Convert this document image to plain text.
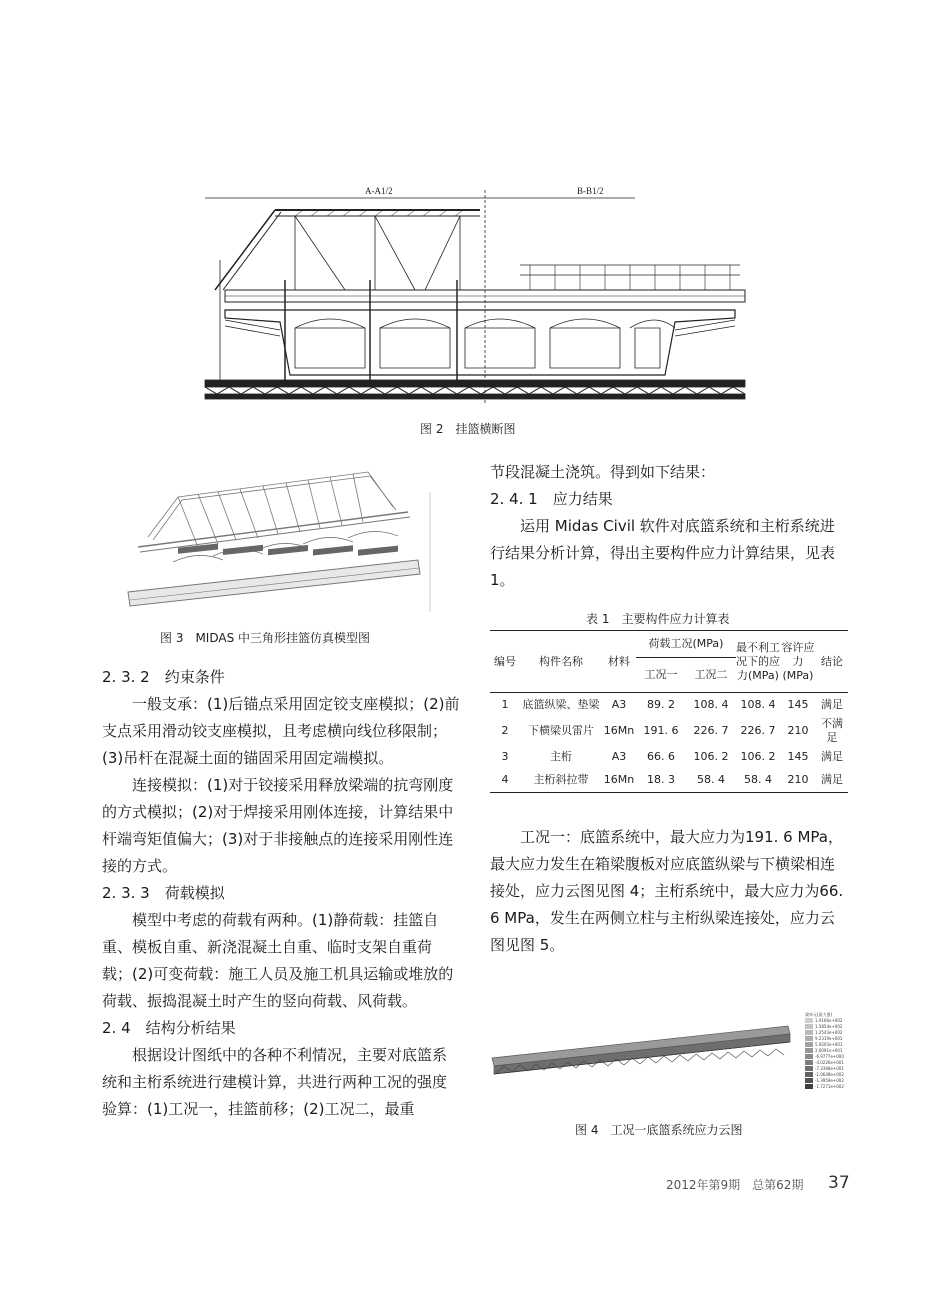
A-A1/2	B-B1/2
图 2　挂篮横断图
图 3　MIDAS 中三角形挂篮仿真模型图

2. 3. 2　约束条件

一般支承：(1)后锚点采用固定铰支座模拟；(2)前支点采用滑动铰支座模拟，且考虑横向线位移限制；(3)吊杆在混凝土面的锚固采用固定端模拟。

连接模拟：(1)对于铰接采用释放梁端的抗弯刚度的方式模拟；(2)对于焊接采用刚体连接，计算结果中杆端弯矩值偏大；(3)对于非接触点的连接采用刚性连接的方式。

2. 3. 3　荷载模拟

模型中考虑的荷载有两种。(1)静荷载：挂篮自重、模板自重、新浇混凝土自重、临时支架自重荷载；(2)可变荷载：施工人员及施工机具运输或堆放的荷载、振捣混凝土时产生的竖向荷载、风荷载。

2. 4　结构分析结果

根据设计图纸中的各种不利情况，主要对底篮系统和主桁系统进行建模计算，共进行两种工况的强度验算：(1)工况一，挂篮前移；(2)工况二，最重

节段混凝土浇筑。得到如下结果：

2. 4. 1　应力结果

运用 Midas Civil 软件对底篮系统和主桁系统进行结果分析计算，得出主要构件应力计算结果，见表 1。

表 1　主要构件应力计算表
编号	构件名称	材料	荷载工况(MPa)		最不利工况下的应力(MPa)	容许应力(MPa)	结论
			工况一	工况二			
1	底篮纵梁、垫梁	A3	89. 2	108. 4	108. 4	145	满足
2	下横梁贝雷片	16Mn	191. 6	226. 7	226. 7	210	不满足
3	主桁	A3	66. 6	106. 2	106. 2	145	满足
4	主桁斜拉带	16Mn	18. 3	58. 4	58. 4	210	满足

工况一：底篮系统中，最大应力为191. 6 MPa，最大应力发生在箱梁腹板对应底篮纵梁与下横梁相连接处，应力云图见图 4；主桁系统中，最大应力为66. 6 MPa，发生在两侧立柱与主桁纵梁连接处，应力云图见图 5。

梁单元(最大值)
1.9166e+002
1.5854e+002
1.2543e+002
9.2319e+001
5.9205e+001
2.6091e+001
-6.9777e+000
-4.0226e+001
-7.3368e+001
-1.0648e+002
-1.3959e+002
-1.7271e+002
图 4　工况一底篮系统应力云图
2012年第9期　总第62期 37
